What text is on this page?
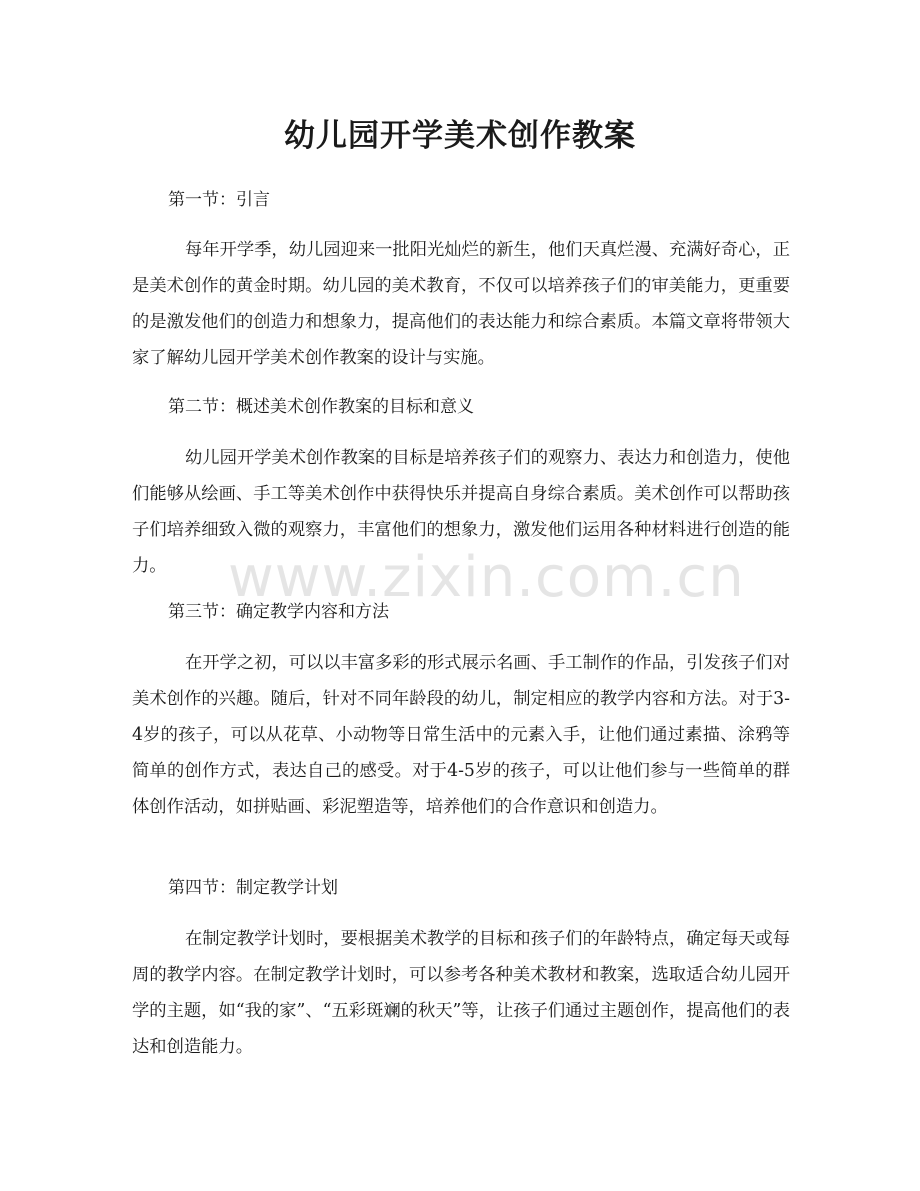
幼儿园开学美术创作教案

第一节：引言

每年开学季，幼儿园迎来一批阳光灿烂的新生，他们天真烂漫、充满好奇心，正是美术创作的黄金时期。幼儿园的美术教育，不仅可以培养孩子们的审美能力，更重要的是激发他们的创造力和想象力，提高他们的表达能力和综合素质。本篇文章将带领大家了解幼儿园开学美术创作教案的设计与实施。

第二节：概述美术创作教案的目标和意义

幼儿园开学美术创作教案的目标是培养孩子们的观察力、表达力和创造力，使他们能够从绘画、手工等美术创作中获得快乐并提高自身综合素质。美术创作可以帮助孩子们培养细致入微的观察力，丰富他们的想象力，激发他们运用各种材料进行创造的能力。

第三节：确定教学内容和方法

在开学之初，可以以丰富多彩的形式展示名画、手工制作的作品，引发孩子们对美术创作的兴趣。随后，针对不同年龄段的幼儿，制定相应的教学内容和方法。对于3-4岁的孩子，可以从花草、小动物等日常生活中的元素入手，让他们通过素描、涂鸦等简单的创作方式，表达自己的感受。对于4-5岁的孩子，可以让他们参与一些简单的群体创作活动，如拼贴画、彩泥塑造等，培养他们的合作意识和创造力。

第四节：制定教学计划

在制定教学计划时，要根据美术教学的目标和孩子们的年龄特点，确定每天或每周的教学内容。在制定教学计划时，可以参考各种美术教材和教案，选取适合幼儿园开学的主题，如“我的家”、“五彩斑斓的秋天”等，让孩子们通过主题创作，提高他们的表达和创造能力。

www.zixin.com.cn
